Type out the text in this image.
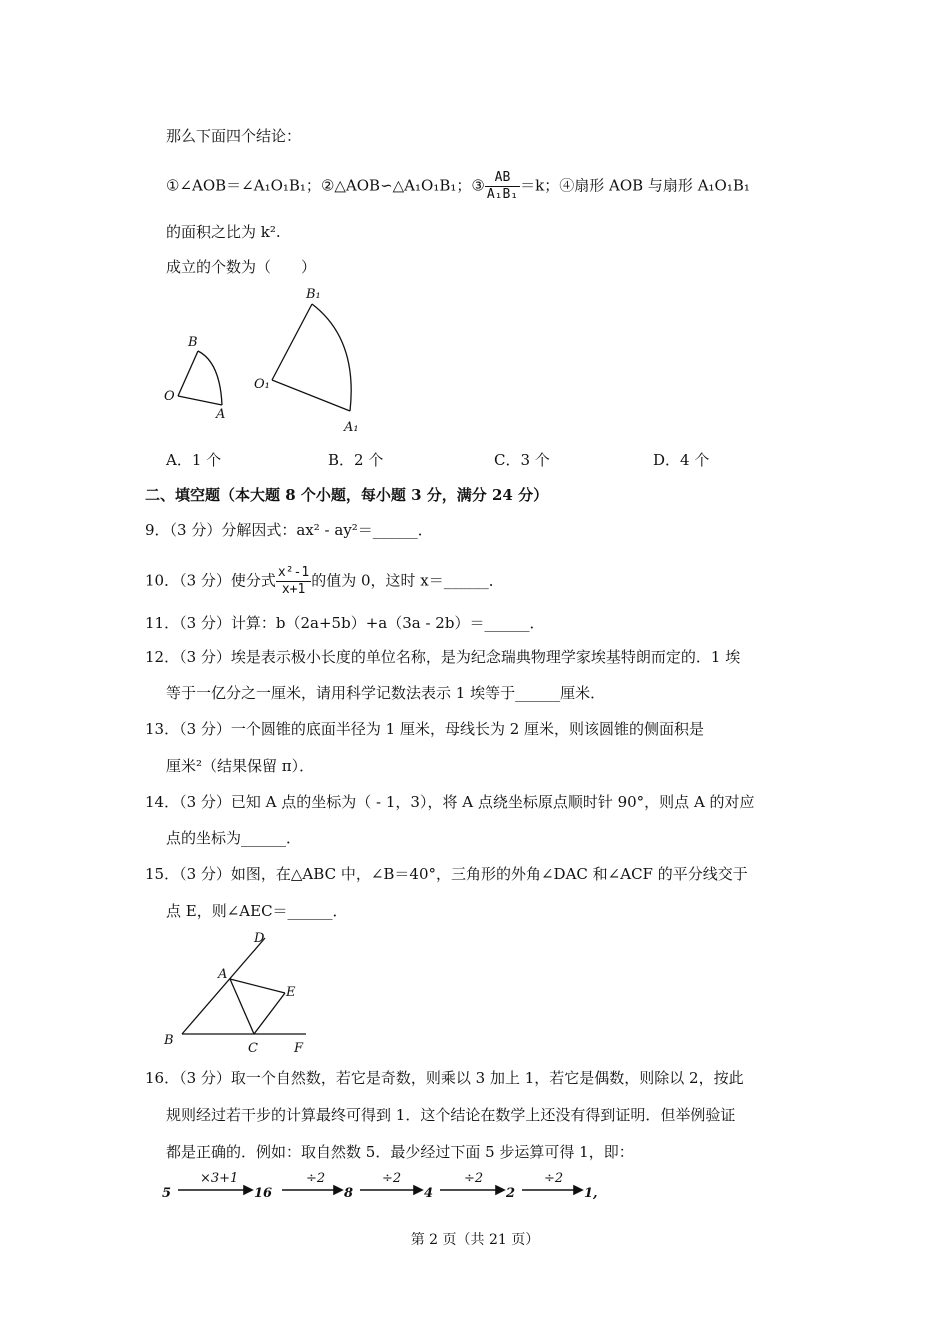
那么下面四个结论：
①∠AOB＝∠A₁O₁B₁；②△AOB∽△A₁O₁B₁；③ $\frac{AB}{\text{A₁B₁}} =k$；④扇形 AOB 与扇形 A₁O₁B₁
的面积之比为 k².
成立的个数为（　　）
B
O
A
B₁
O₁
A₁
A．1 个	B．2 个	C．3 个	D．4 个
二、填空题（本大题 8 个小题，每小题 3 分，满分 24 分）
9．（3 分）分解因式：ax² - ay²＝______．
10．（3 分）使分式 $\frac{\text{x²-1}}{x+1}$ 的值为 0，这时 x＝______．
11．（3 分）计算：b（2a+5b）+a（3a - 2b）＝______．
12．（3 分）埃是表示极小长度的单位名称，是为纪念瑞典物理学家埃基特朗而定的．1 埃
等于一亿分之一厘米，请用科学记数法表示 1 埃等于______厘米．
13．（3 分）一个圆锥的底面半径为 1 厘米，母线长为 2 厘米，则该圆锥的侧面积是
厘米²（结果保留 π）．
14．（3 分）已知 A 点的坐标为（ - 1，3），将 A 点绕坐标原点顺时针 90°，则点 A 的对应
点的坐标为______．
15．（3 分）如图，在△ABC 中，∠B＝40°，三角形的外角∠DAC 和∠ACF 的平分线交于
点 E，则∠AEC＝______．
D
A
E
B
C	F
16．（3 分）取一个自然数，若它是奇数，则乘以 3 加上 1，若它是偶数，则除以 2，按此
规则经过若干步的计算最终可得到 1．这个结论在数学上还没有得到证明．但举例验证
都是正确的．例如：取自然数 5．最少经过下面 5 步运算可得 1，即：
5	16	8	4	2	1,
×3+1	÷2	÷2	÷2	÷2
第 2 页（共 21 页）
